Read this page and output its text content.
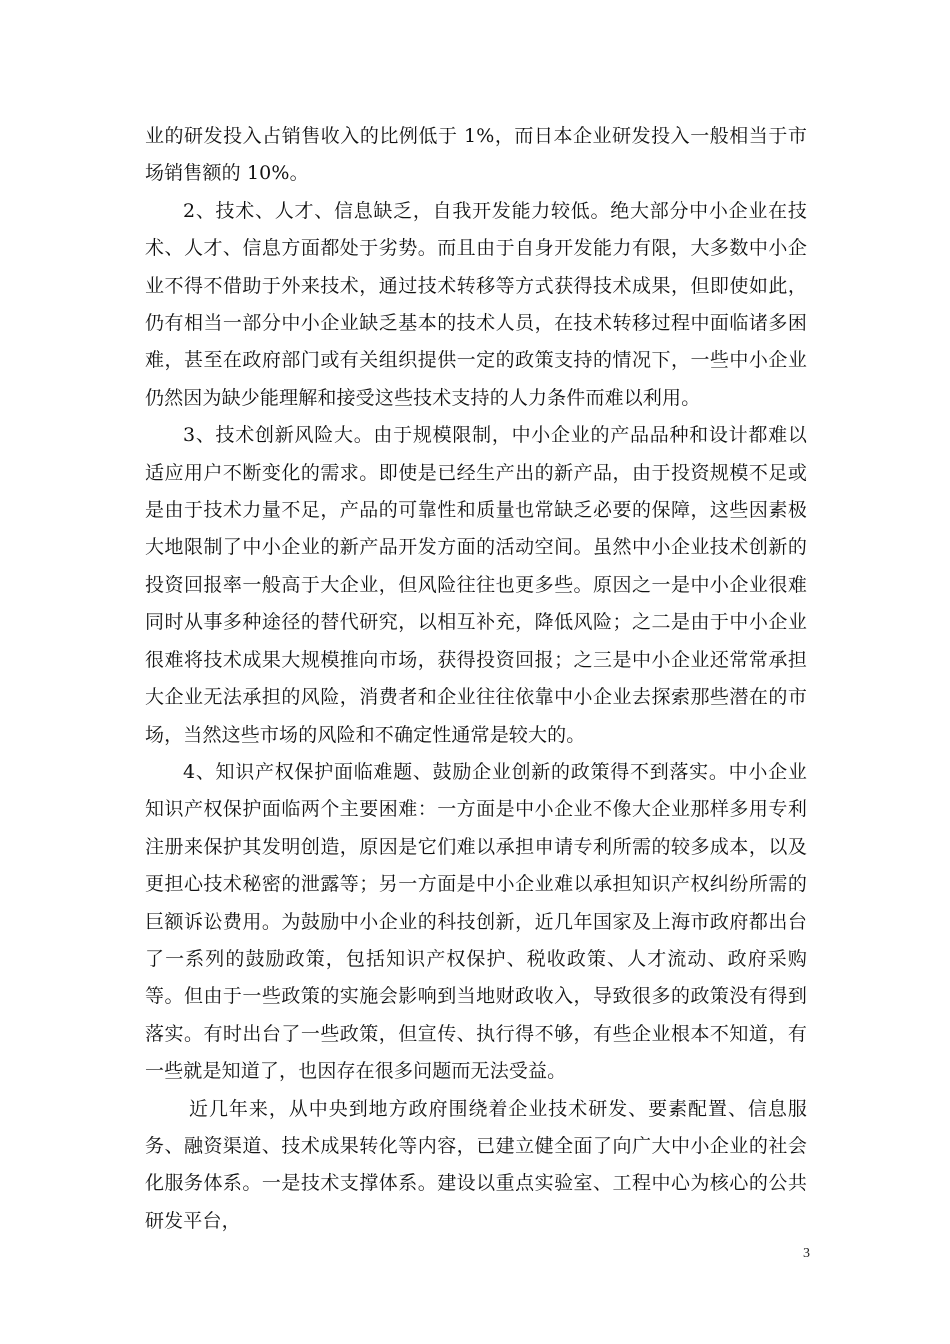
业的研发投入占销售收入的比例低于 1%，而日本企业研发投入一般相当于市场销售额的 10%。

2、技术、人才、信息缺乏，自我开发能力较低。绝大部分中小企业在技术、人才、信息方面都处于劣势。而且由于自身开发能力有限，大多数中小企业不得不借助于外来技术，通过技术转移等方式获得技术成果，但即使如此，仍有相当一部分中小企业缺乏基本的技术人员，在技术转移过程中面临诸多困难，甚至在政府部门或有关组织提供一定的政策支持的情况下，一些中小企业仍然因为缺少能理解和接受这些技术支持的人力条件而难以利用。

3、技术创新风险大。由于规模限制，中小企业的产品品种和设计都难以适应用户不断变化的需求。即使是已经生产出的新产品，由于投资规模不足或是由于技术力量不足，产品的可靠性和质量也常缺乏必要的保障，这些因素极大地限制了中小企业的新产品开发方面的活动空间。虽然中小企业技术创新的投资回报率一般高于大企业，但风险往往也更多些。原因之一是中小企业很难同时从事多种途径的替代研究，以相互补充，降低风险；之二是由于中小企业很难将技术成果大规模推向市场，获得投资回报；之三是中小企业还常常承担大企业无法承担的风险，消费者和企业往往依靠中小企业去探索那些潜在的市场，当然这些市场的风险和不确定性通常是较大的。

4、知识产权保护面临难题、鼓励企业创新的政策得不到落实。中小企业知识产权保护面临两个主要困难：一方面是中小企业不像大企业那样多用专利注册来保护其发明创造，原因是它们难以承担申请专利所需的较多成本，以及更担心技术秘密的泄露等；另一方面是中小企业难以承担知识产权纠纷所需的巨额诉讼费用。为鼓励中小企业的科技创新，近几年国家及上海市政府都出台了一系列的鼓励政策，包括知识产权保护、税收政策、人才流动、政府采购等。但由于一些政策的实施会影响到当地财政收入，导致很多的政策没有得到落实。有时出台了一些政策，但宣传、执行得不够，有些企业根本不知道，有一些就是知道了，也因存在很多问题而无法受益。

近几年来，从中央到地方政府围绕着企业技术研发、要素配置、信息服务、融资渠道、技术成果转化等内容，已建立健全面了向广大中小企业的社会化服务体系。一是技术支撑体系。建设以重点实验室、工程中心为核心的公共研发平台，

3
